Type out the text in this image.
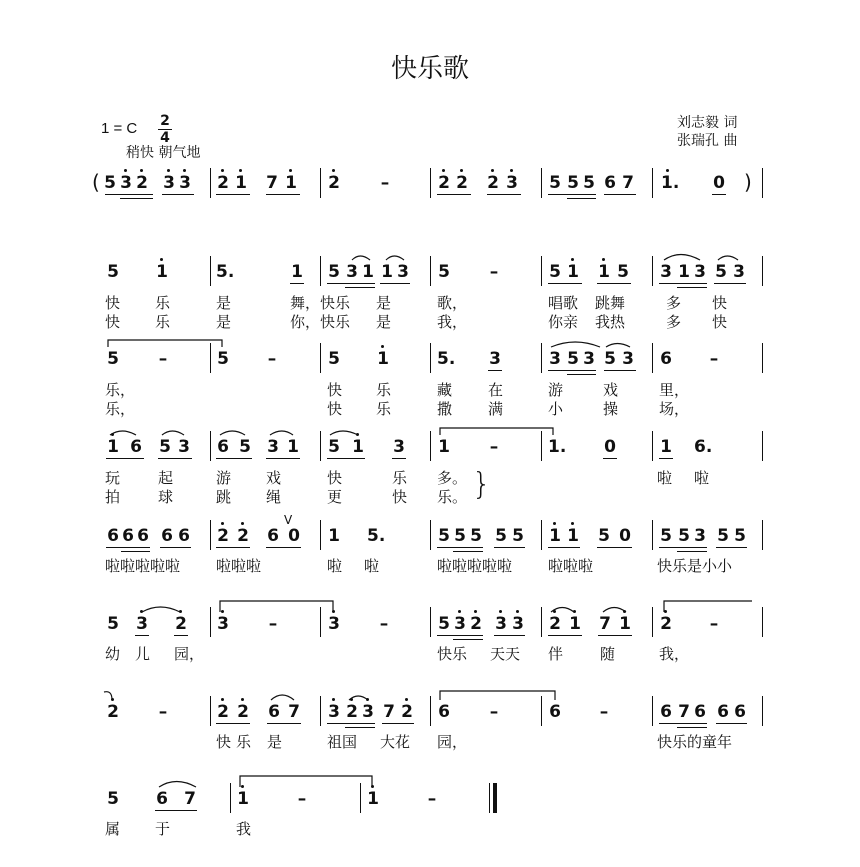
快乐歌
1 = C 2
4
稍快 朝气地
刘志毅 词
张瑞孔 曲
(	)
5 3 2 3 3 2 1 7 1 2 –	2 2 2 3 5 5 5 6 7 1.	0
5 1	5.	1 5 3 1 1 3 5 –	5 1 1 5 3 1 3 5 3
快 乐	是	舞，快乐 是	歌，	唱歌 跳舞	多 快
快 乐	是	你，快乐 是	我，	你亲 我热	多 快
5 –	5 –	5 1	5.	3	3 5 3 5 3 6 –
乐，	快 乐	藏 在	游	戏	里，
乐，	快 乐	撒 满	小	操	场，
1 6 5 3 6 5 3 1 5 1 3 1 –	1.	0	1 6.
玩	起	游 戏	快	乐 多。	啦 啦
拍	球	跳 绳	更	快 乐。 }
6 6 6 6 6 2 2 6 0
V
1 5.	5 5 5 5 5 1 1 5 0 5 5 3 5 5
啦啦啦啦啦 啦啦啦	啦 啦	啦啦啦啦啦 啦啦啦	快乐是小小
5 3 2 3 –	3 –	5 3 2 3 3 2 1 7 1 2 –
幼 儿 园，	快乐 天天 伴 随	我，
2 –	2 2 6 7 3 2 3 7 2 6 –	6 –	6 7 6 6 6
快 乐 是	祖国 大花 园，	快乐的童年
5 6 7 1	–	1	–
属 于	我
